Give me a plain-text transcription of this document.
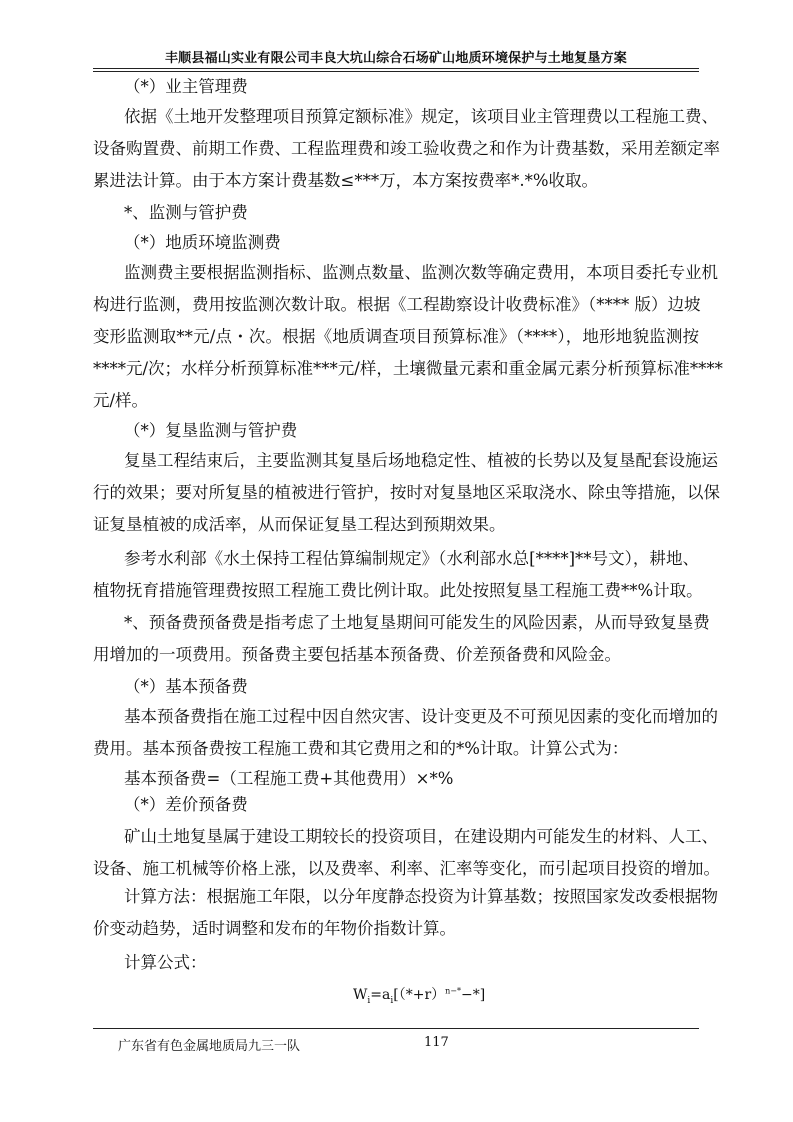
丰顺县福山实业有限公司丰良大坑山综合石场矿山地质环境保护与土地复垦方案
（*）业主管理费
依据《土地开发整理项目预算定额标准》规定，该项目业主管理费以工程施工费、
设备购置费、前期工作费、工程监理费和竣工验收费之和作为计费基数，采用差额定率
累进法计算。由于本方案计费基数≤***万，本方案按费率*.*%收取。
*、监测与管护费
（*）地质环境监测费
监测费主要根据监测指标、监测点数量、监测次数等确定费用，本项目委托专业机
构进行监测，费用按监测次数计取。根据《工程勘察设计收费标准》（**** 版）边坡
变形监测取**元/点・次。根据《地质调查项目预算标准》（****），地形地貌监测按
****元/次；水样分析预算标准***元/样，土壤微量元素和重金属元素分析预算标准****
元/样。
（*）复垦监测与管护费
复垦工程结束后，主要监测其复垦后场地稳定性、植被的长势以及复垦配套设施运
行的效果；要对所复垦的植被进行管护，按时对复垦地区采取浇水、除虫等措施，以保
证复垦植被的成活率，从而保证复垦工程达到预期效果。
参考水利部《水土保持工程估算编制规定》（水利部水总[****]**号文），耕地、
植物抚育措施管理费按照工程施工费比例计取。此处按照复垦工程施工费**%计取。
*、预备费预备费是指考虑了土地复垦期间可能发生的风险因素，从而导致复垦费
用增加的一项费用。预备费主要包括基本预备费、价差预备费和风险金。
（*）基本预备费
基本预备费指在施工过程中因自然灾害、设计变更及不可预见因素的变化而增加的
费用。基本预备费按工程施工费和其它费用之和的*%计取。计算公式为：
基本预备费=（工程施工费+其他费用）×*%
（*）差价预备费
矿山土地复垦属于建设工期较长的投资项目，在建设期内可能发生的材料、人工、
设备、施工机械等价格上涨，以及费率、利率、汇率等变化，而引起项目投资的增加。
计算方法：根据施工年限，以分年度静态投资为计算基数；按照国家发改委根据物
价变动趋势，适时调整和发布的年物价指数计算。
计算公式：
$W_i=a_i[(*+r)^{n-*}-*]$
广东省有色金属地质局九三一队	117
